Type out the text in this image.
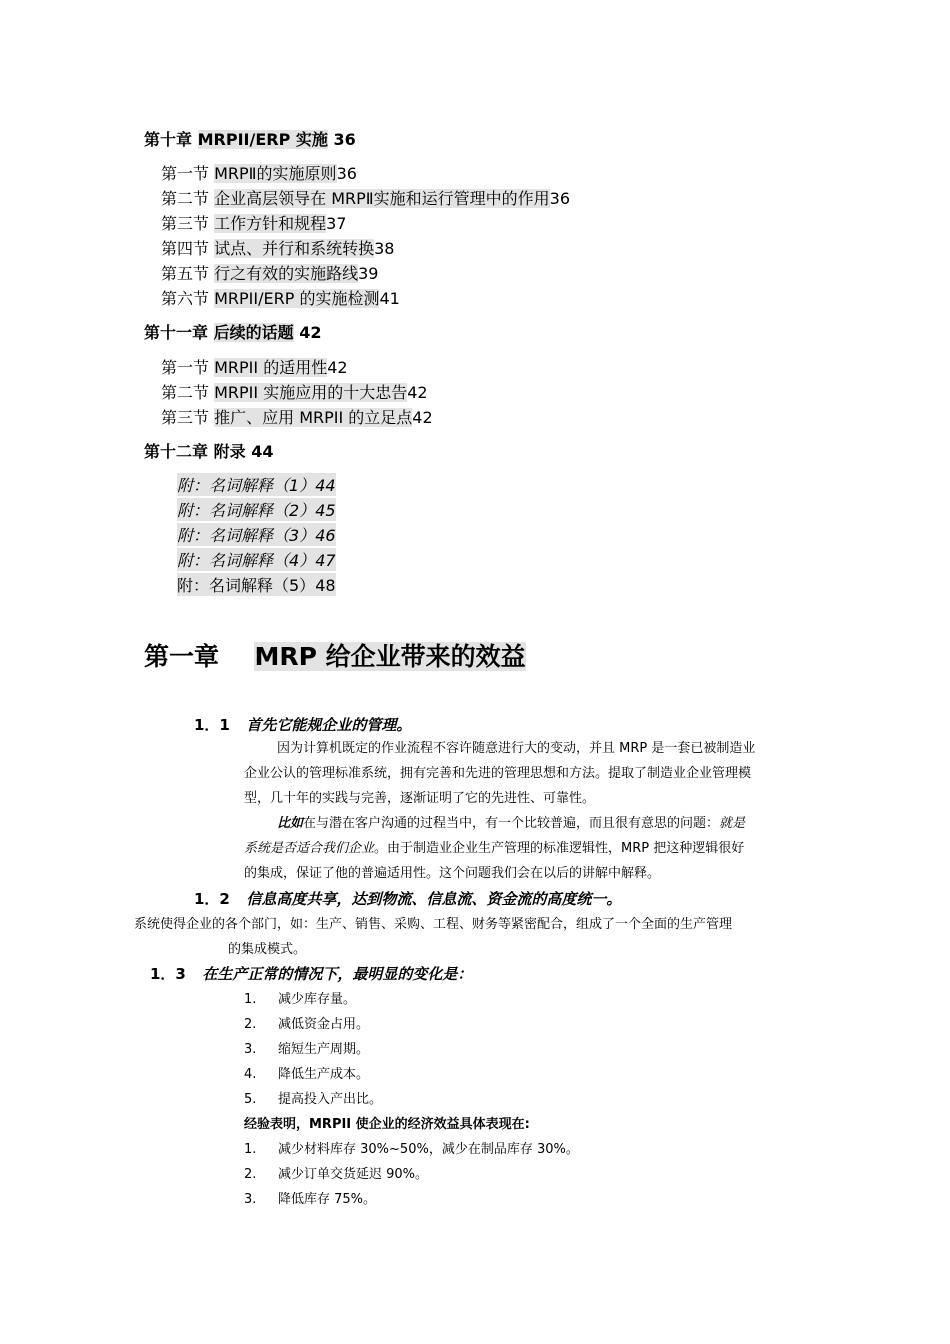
第十章 MRPII/ERP 实施 36
第一节 MRPⅡ的实施原则36
第二节 企业高层领导在 MRPⅡ实施和运行管理中的作用36
第三节 工作方针和规程37
第四节 试点、并行和系统转换38
第五节 行之有效的实施路线39
第六节 MRPII/ERP 的实施检测41
第十一章 后续的话题 42
第一节 MRPII 的适用性42
第二节 MRPII 实施应用的十大忠告42
第三节 推广、应用 MRPII 的立足点42
第十二章 附录 44
附：名词解释（1）44
附：名词解释（2）45
附：名词解释（3）46
附：名词解释（4）47
附：名词解释（5）48
第一章 MRP 给企业带来的效益
1．1 首先它能规企业的管理。
因为计算机既定的作业流程不容许随意进行大的变动，并且 MRP 是一套已被制造业
企业公认的管理标准系统，拥有完善和先进的管理思想和方法。提取了制造业企业管理模
型，几十年的实践与完善，逐渐证明了它的先进性、可靠性。
比如在与潜在客户沟通的过程当中，有一个比较普遍，而且很有意思的问题：就是
系统是否适合我们企业。由于制造业企业生产管理的标准逻辑性，MRP 把这种逻辑很好
的集成，保证了他的普遍适用性。这个问题我们会在以后的讲解中解释。
1．2 信息高度共享，达到物流、信息流、资金流的高度统一。
系统使得企业的各个部门，如：生产、销售、采购、工程、财务等紧密配合，组成了一个全面的生产管理
的集成模式。
1．3 在生产正常的情况下，最明显的变化是：
1. 减少库存量。
2. 减低资金占用。
3. 缩短生产周期。
4. 降低生产成本。
5. 提高投入产出比。
经验表明，MRPII 使企业的经济效益具体表现在:
1. 减少材料库存 30%~50%，减少在制品库存 30%。
2. 减少订单交货延迟 90%。
3. 降低库存 75%。
